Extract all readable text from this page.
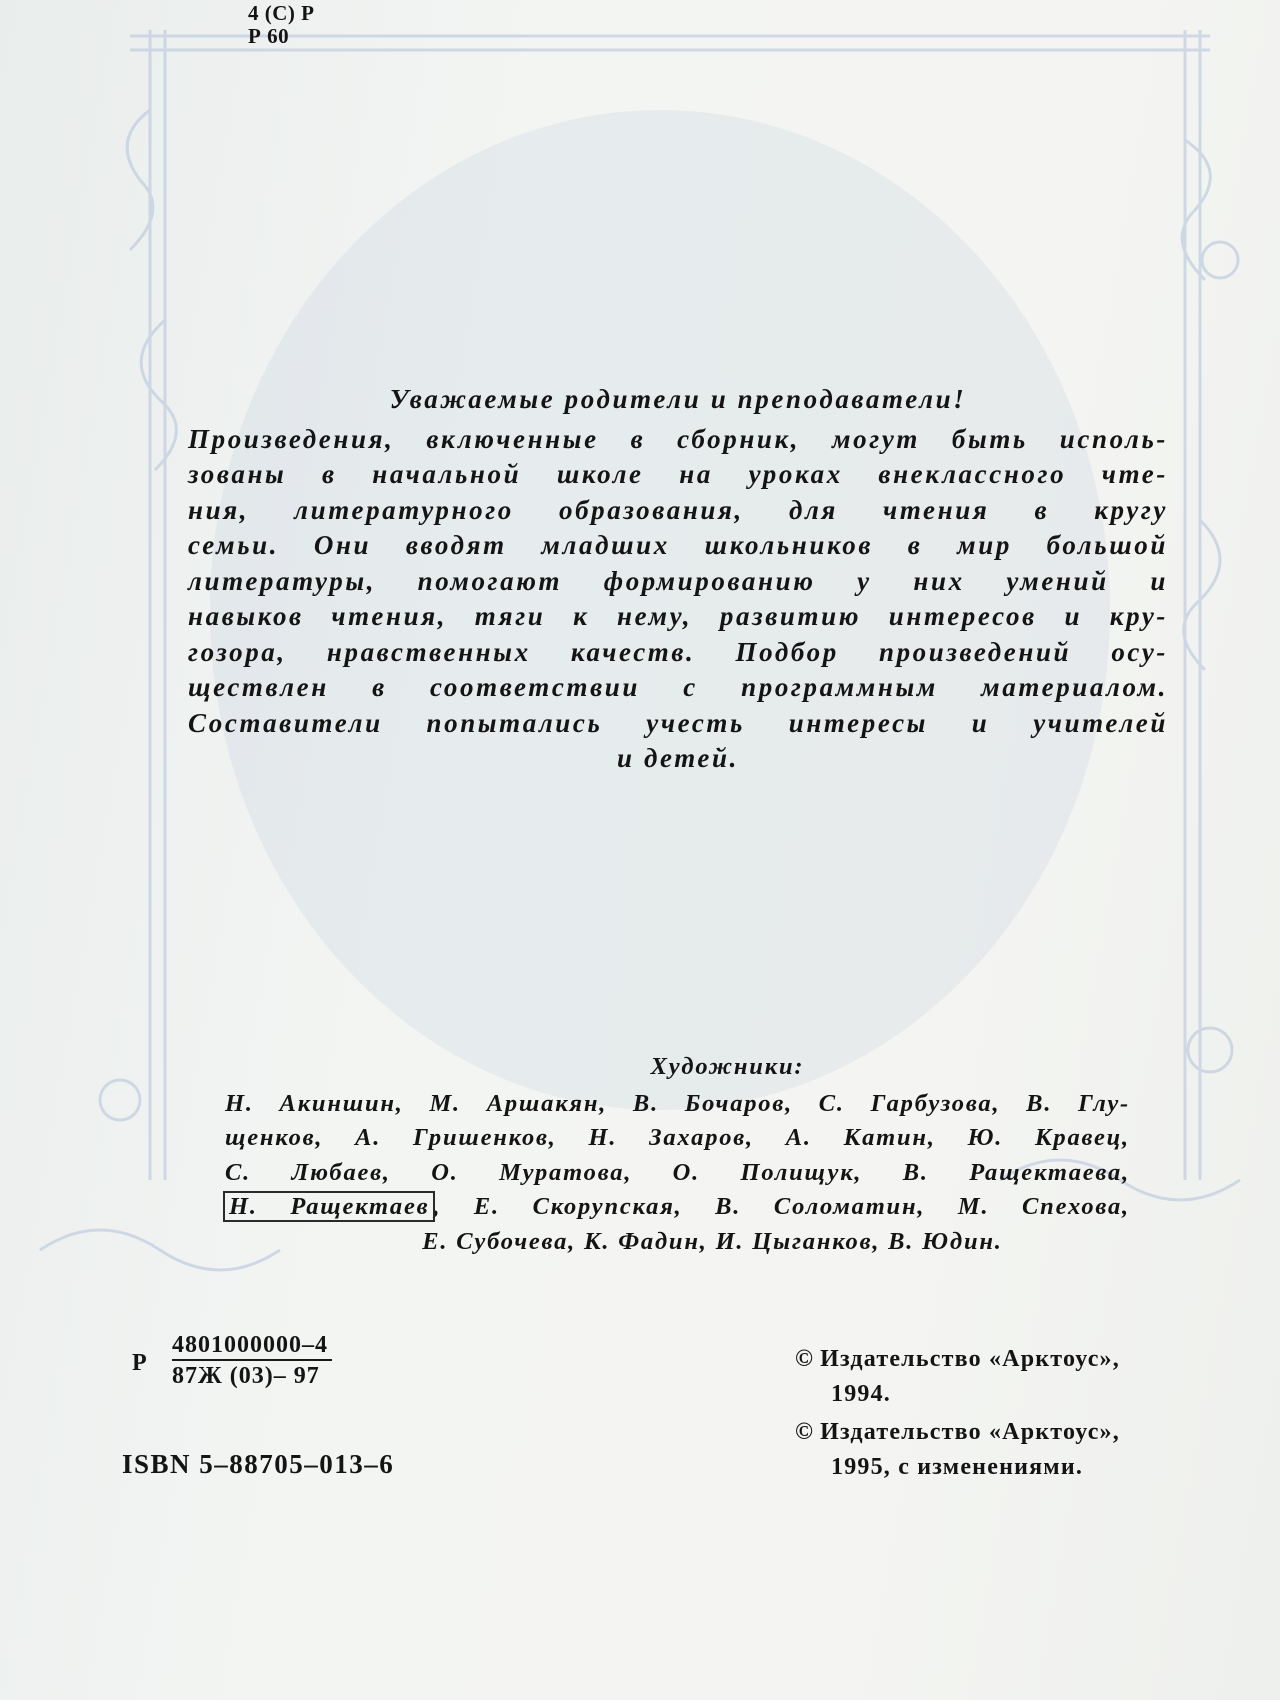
4 (С) Р
Р 60
Уважаемые родители и преподаватели!
Произведения, включенные в сборник, могут быть исполь-
зованы в начальной школе на уроках внеклассного чте-
ния, литературного образования, для чтения в кругу
семьи. Они вводят младших школьников в мир большой
литературы, помогают формированию у них умений и
навыков чтения, тяги к нему, развитию интересов и кру-
гозора, нравственных качеств. Подбор произведений осу-
ществлен в соответствии с программным материалом.
Составители попытались учесть интересы и учителей
и детей.
Художники:
Н. Акиншин, М. Аршакян, В. Бочаров, С. Гарбузова, В. Глу-
щенков, А. Гришенков, Н. Захаров, А. Катин, Ю. Кравец,
С. Любаев, О. Муратова, О. Полищук, В. Ращектаева,
Н. Ращектаев , Е. Скорупская, В. Соломатин, М. Спехова,
Е. Субочева, К. Фадин, И. Цыганков, В. Юдин.
Р
4801000000–4
87Ж (03)– 97
ISBN 5–88705–013–6
© Издательство «Арктоус»,
1994.
© Издательство «Арктоус»,
1995, с изменениями.
